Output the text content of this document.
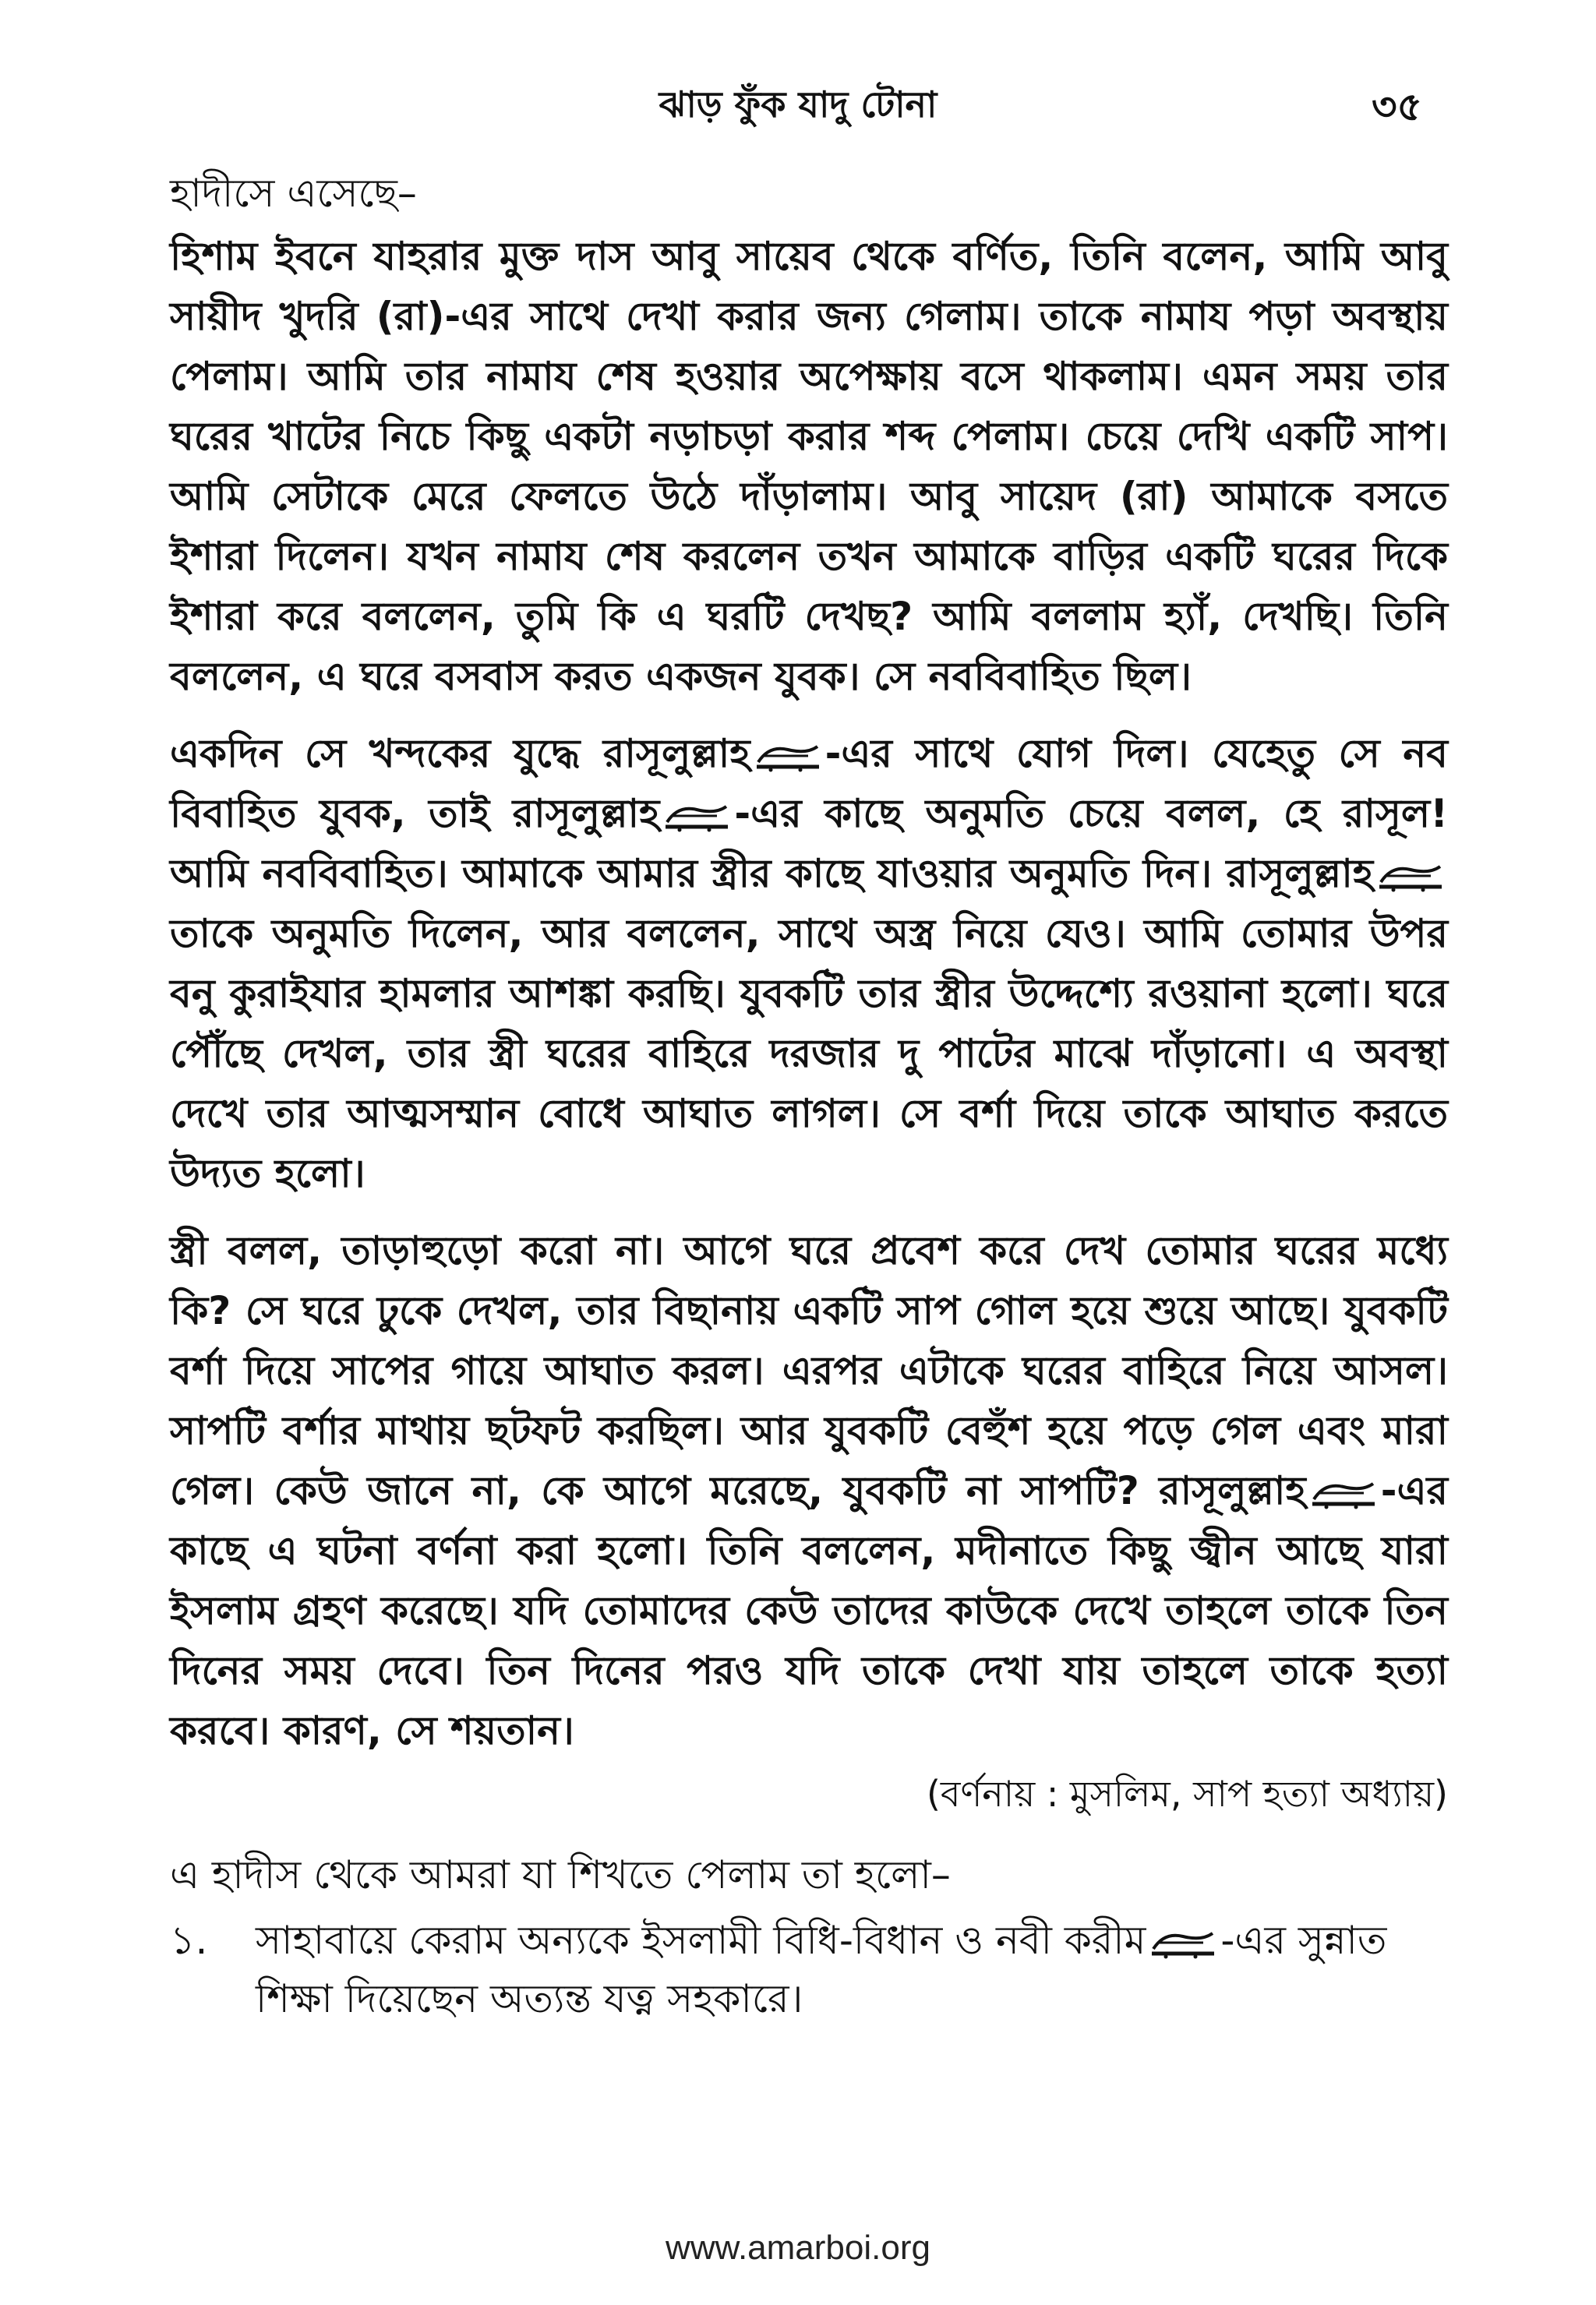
ঝাড় ফুঁক যাদু টোনা	৩৫

হাদীসে এসেছে–

হিশাম ইবনে যাহরার মুক্ত দাস আবু সায়েব থেকে বর্ণিত, তিনি বলেন, আমি আবু সায়ীদ খুদরি (রা)-এর সাথে দেখা করার জন্য গেলাম। তাকে নামায পড়া অবস্থায় পেলাম। আমি তার নামায শেষ হওয়ার অপেক্ষায় বসে থাকলাম। এমন সময় তার ঘরের খাটের নিচে কিছু একটা নড়াচড়া করার শব্দ পেলাম। চেয়ে দেখি একটি সাপ। আমি সেটাকে মেরে ফেলতে উঠে দাঁড়ালাম। আবু সায়েদ (রা) আমাকে বসতে ইশারা দিলেন। যখন নামায শেষ করলেন তখন আমাকে বাড়ির একটি ঘরের দিকে ইশারা করে বললেন, তুমি কি এ ঘরটি দেখছ? আমি বললাম হ্যাঁ, দেখছি। তিনি বললেন, এ ঘরে বসবাস করত একজন যুবক। সে নববিবাহিত ছিল।

একদিন সে খন্দকের যুদ্ধে রাসূলুল্লাহ -এর সাথে যোগ দিল। যেহেতু সে নব বিবাহিত যুবক, তাই রাসূলুল্লাহ -এর কাছে অনুমতি চেয়ে বলল, হে রাসূল! আমি নববিবাহিত। আমাকে আমার স্ত্রীর কাছে যাওয়ার অনুমতি দিন। রাসূলুল্লাহ
তাকে অনুমতি দিলেন, আর বললেন, সাথে অস্ত্র নিয়ে যেও। আমি তোমার উপর বনু কুরাইযার হামলার আশঙ্কা করছি। যুবকটি তার স্ত্রীর উদ্দেশ্যে রওয়ানা হলো। ঘরে পৌঁছে দেখল, তার স্ত্রী ঘরের বাহিরে দরজার দু পাটের মাঝে দাঁড়ানো। এ অবস্থা দেখে তার আত্মসম্মান বোধে আঘাত লাগল। সে বর্শা দিয়ে তাকে আঘাত করতে উদ্যত হলো।

স্ত্রী বলল, তাড়াহুড়ো করো না। আগে ঘরে প্রবেশ করে দেখ তোমার ঘরের মধ্যে কি? সে ঘরে ঢুকে দেখল, তার বিছানায় একটি সাপ গোল হয়ে শুয়ে আছে। যুবকটি বর্শা দিয়ে সাপের গায়ে আঘাত করল। এরপর এটাকে ঘরের বাহিরে নিয়ে আসল। সাপটি বর্শার মাথায় ছটফট করছিল। আর যুবকটি বেহুঁশ হয়ে পড়ে গেল এবং মারা গেল। কেউ জানে না, কে আগে মরেছে, যুবকটি না সাপটি? রাসূলুল্লাহ -এর কাছে এ ঘটনা বর্ণনা করা হলো। তিনি বললেন, মদীনাতে কিছু জ্বীন আছে যারা ইসলাম গ্রহণ করেছে। যদি তোমাদের কেউ তাদের কাউকে দেখে তাহলে তাকে তিন দিনের সময় দেবে। তিন দিনের পরও যদি তাকে দেখা যায় তাহলে তাকে হত্যা করবে। কারণ, সে শয়তান।

(বর্ণনায় : মুসলিম, সাপ হত্যা অধ্যায়)

এ হাদীস থেকে আমরা যা শিখতে পেলাম তা হলো–

১.	সাহাবায়ে কেরাম অন্যকে ইসলামী বিধি-বিধান ও নবী করীম -এর সুন্নাত শিক্ষা দিয়েছেন অত্যন্ত যত্ন সহকারে।
www.amarboi.org
